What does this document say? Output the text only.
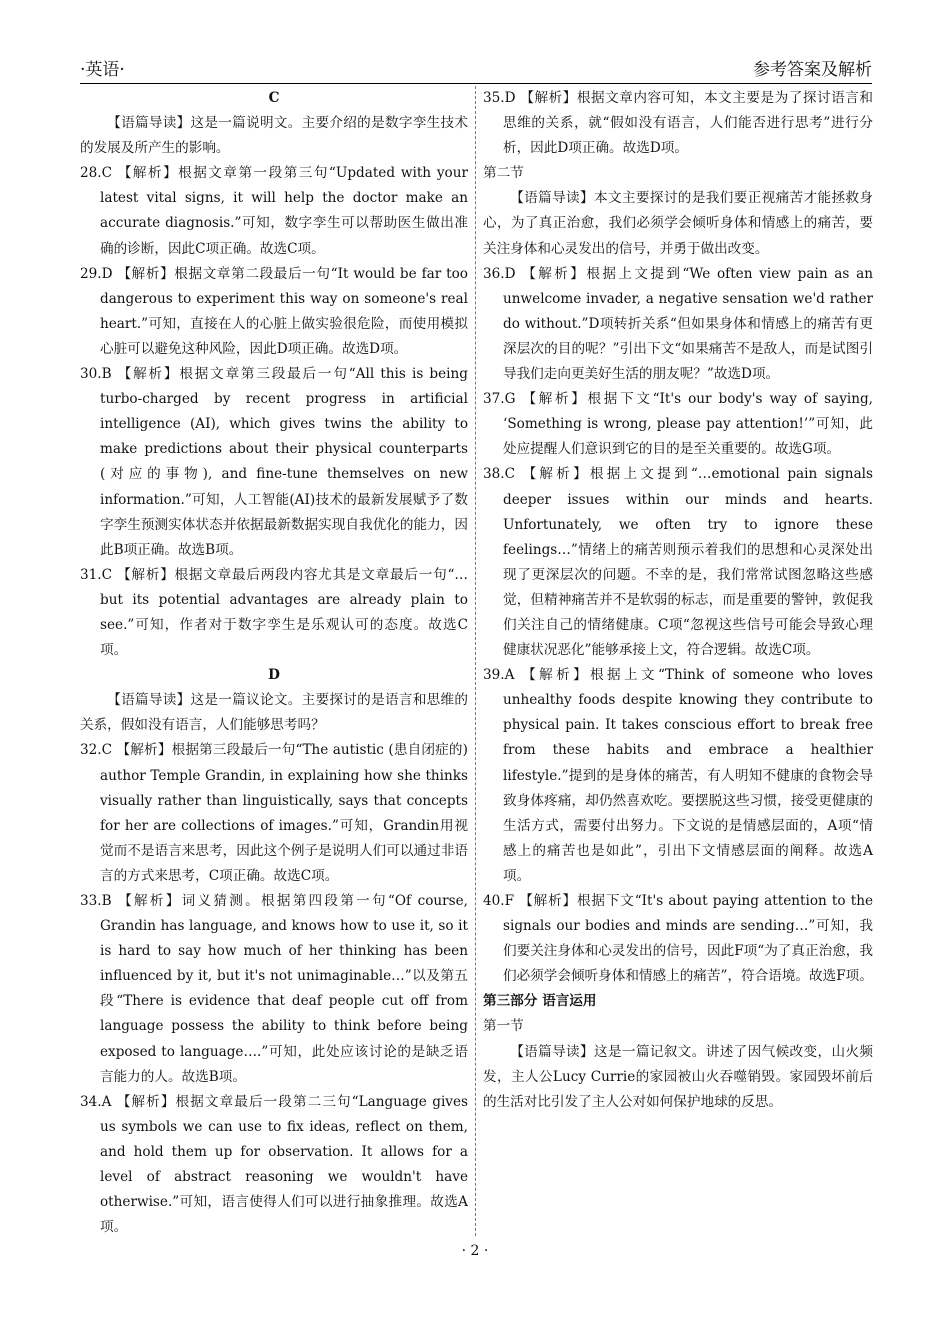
·英语·	参考答案及解析

C

【语篇导读】这是一篇说明文。主要介绍的是数字孪生技术的发展及所产生的影响。

28.C 【解析】根据文章第一段第三句“Updated with your latest vital signs, it will help the doctor make an accurate diagnosis.”可知，数字孪生可以帮助医生做出准确的诊断，因此C项正确。故选C项。

29.D 【解析】根据文章第二段最后一句“It would be far too dangerous to experiment this way on someone's real heart.”可知，直接在人的心脏上做实验很危险，而使用模拟心脏可以避免这种风险，因此D项正确。故选D项。

30.B 【解析】根据文章第三段最后一句“All this is being turbo-charged by recent progress in artificial intelligence (AI), which gives twins the ability to make predictions about their physical counterparts (对应的事物), and fine-tune themselves on new information.”可知，人工智能(AI)技术的最新发展赋予了数字孪生预测实体状态并依据最新数据实现自我优化的能力，因此B项正确。故选B项。

31.C 【解析】根据文章最后两段内容尤其是文章最后一句“…but its potential advantages are already plain to see.”可知，作者对于数字孪生是乐观认可的态度。故选C项。

D

【语篇导读】这是一篇议论文。主要探讨的是语言和思维的关系，假如没有语言，人们能够思考吗？

32.C 【解析】根据第三段最后一句“The autistic (患自闭症的) author Temple Grandin, in explaining how she thinks visually rather than linguistically, says that concepts for her are collections of images.”可知，Grandin用视觉而不是语言来思考，因此这个例子是说明人们可以通过非语言的方式来思考，C项正确。故选C项。

33.B 【解析】词义猜测。根据第四段第一句“Of course, Grandin has language, and knows how to use it, so it is hard to say how much of her thinking has been influenced by it, but it's not unimaginable…”以及第五段“There is evidence that deaf people cut off from language possess the ability to think before being exposed to language….”可知，此处应该讨论的是缺乏语言能力的人。故选B项。

34.A 【解析】根据文章最后一段第二三句“Language gives us symbols we can use to fix ideas, reflect on them, and hold them up for observation. It allows for a level of abstract reasoning we wouldn't have otherwise.”可知，语言使得人们可以进行抽象推理。故选A项。

35.D 【解析】根据文章内容可知，本文主要是为了探讨语言和思维的关系，就“假如没有语言，人们能否进行思考”进行分析，因此D项正确。故选D项。

第二节

【语篇导读】本文主要探讨的是我们要正视痛苦才能拯救身心，为了真正治愈，我们必须学会倾听身体和情感上的痛苦，要关注身体和心灵发出的信号，并勇于做出改变。

36.D 【解析】根据上文提到“We often view pain as an unwelcome invader, a negative sensation we'd rather do without.”D项转折关系“但如果身体和情感上的痛苦有更深层次的目的呢？”引出下文“如果痛苦不是敌人，而是试图引导我们走向更美好生活的朋友呢？”故选D项。

37.G 【解析】根据下文“It's our body's way of saying, ‘Something is wrong, please pay attention!’”可知，此处应提醒人们意识到它的目的是至关重要的。故选G项。

38.C 【解析】根据上文提到“…emotional pain signals deeper issues within our minds and hearts. Unfortunately, we often try to ignore these feelings…”情绪上的痛苦则预示着我们的思想和心灵深处出现了更深层次的问题。不幸的是，我们常常试图忽略这些感觉，但精神痛苦并不是软弱的标志，而是重要的警钟，敦促我们关注自己的情绪健康。C项“忽视这些信号可能会导致心理健康状况恶化”能够承接上文，符合逻辑。故选C项。

39.A 【解析】根据上文“Think of someone who loves unhealthy foods despite knowing they contribute to physical pain. It takes conscious effort to break free from these habits and embrace a healthier lifestyle.”提到的是身体的痛苦，有人明知不健康的食物会导致身体疼痛，却仍然喜欢吃。要摆脱这些习惯，接受更健康的生活方式，需要付出努力。下文说的是情感层面的，A项“情感上的痛苦也是如此”，引出下文情感层面的阐释。故选A项。

40.F 【解析】根据下文“It's about paying attention to the signals our bodies and minds are sending…”可知，我们要关注身体和心灵发出的信号，因此F项“为了真正治愈，我们必须学会倾听身体和情感上的痛苦”，符合语境。故选F项。

第三部分 语言运用

第一节

【语篇导读】这是一篇记叙文。讲述了因气候改变，山火频发，主人公Lucy Currie的家园被山火吞噬销毁。家园毁坏前后的生活对比引发了主人公对如何保护地球的反思。

· 2 ·
